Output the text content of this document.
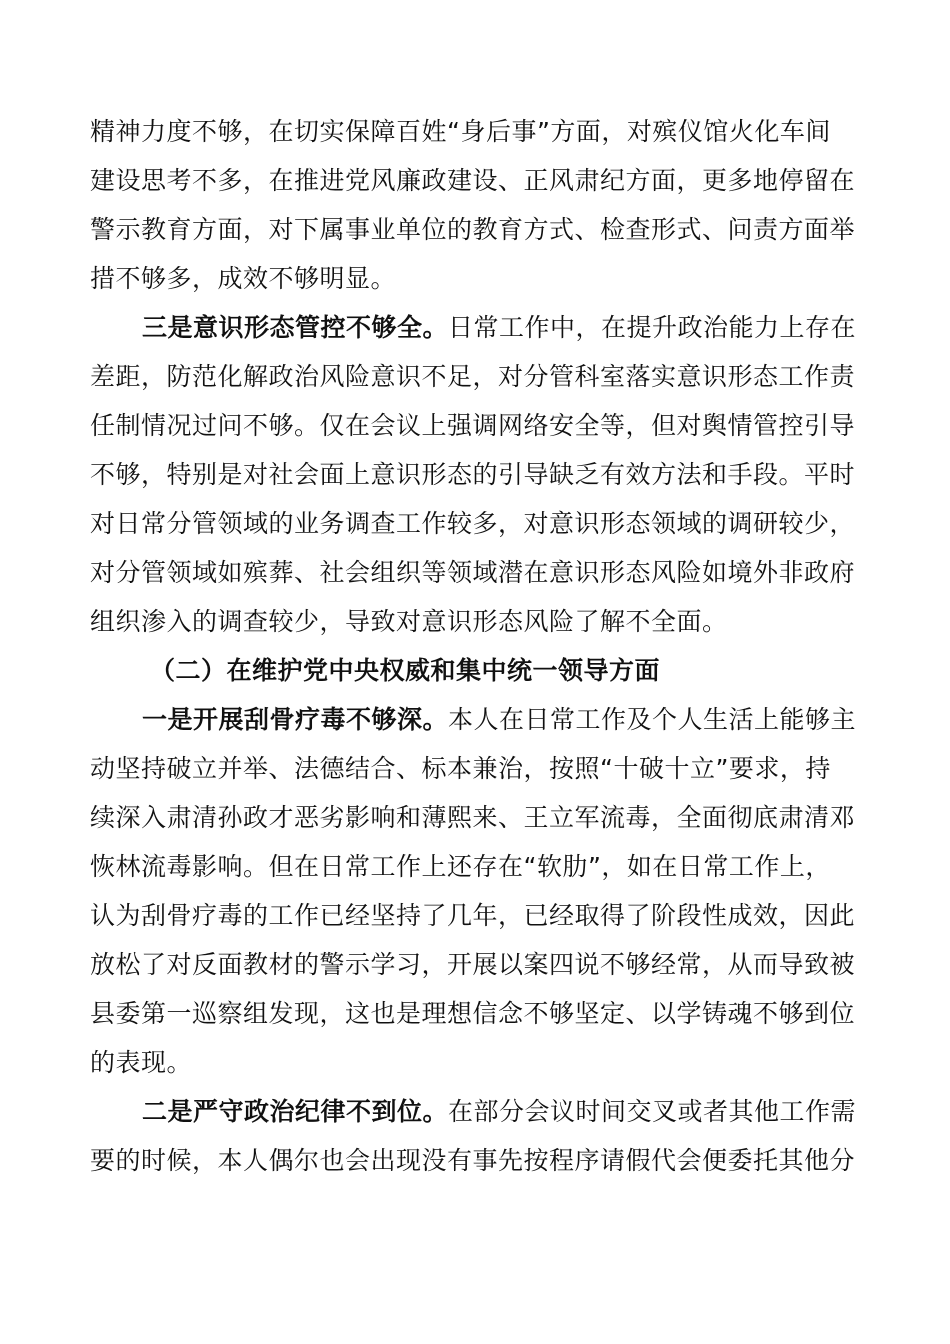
精神力度不够，在切实保障百姓“身后事”方面，对殡仪馆火化车间
建设思考不多，在推进党风廉政建设、正风肃纪方面，更多地停留在
警示教育方面，对下属事业单位的教育方式、检查形式、问责方面举
措不够多，成效不够明显。
三是意识形态管控不够全。日常工作中，在提升政治能力上存在
差距，防范化解政治风险意识不足，对分管科室落实意识形态工作责
任制情况过问不够。仅在会议上强调网络安全等，但对舆情管控引导
不够，特别是对社会面上意识形态的引导缺乏有效方法和手段。平时
对日常分管领域的业务调查工作较多，对意识形态领域的调研较少，
对分管领域如殡葬、社会组织等领域潜在意识形态风险如境外非政府
组织渗入的调查较少，导致对意识形态风险了解不全面。
（二）在维护党中央权威和集中统一领导方面
一是开展刮骨疗毒不够深。本人在日常工作及个人生活上能够主
动坚持破立并举、法德结合、标本兼治，按照“十破十立”要求，持
续深入肃清孙政才恶劣影响和薄熙来、王立军流毒，全面彻底肃清邓
恢林流毒影响。但在日常工作上还存在“软肋”，如在日常工作上，
认为刮骨疗毒的工作已经坚持了几年，已经取得了阶段性成效，因此
放松了对反面教材的警示学习，开展以案四说不够经常，从而导致被
县委第一巡察组发现，这也是理想信念不够坚定、以学铸魂不够到位
的表现。
二是严守政治纪律不到位。在部分会议时间交叉或者其他工作需
要的时候，本人偶尔也会出现没有事先按程序请假代会便委托其他分
